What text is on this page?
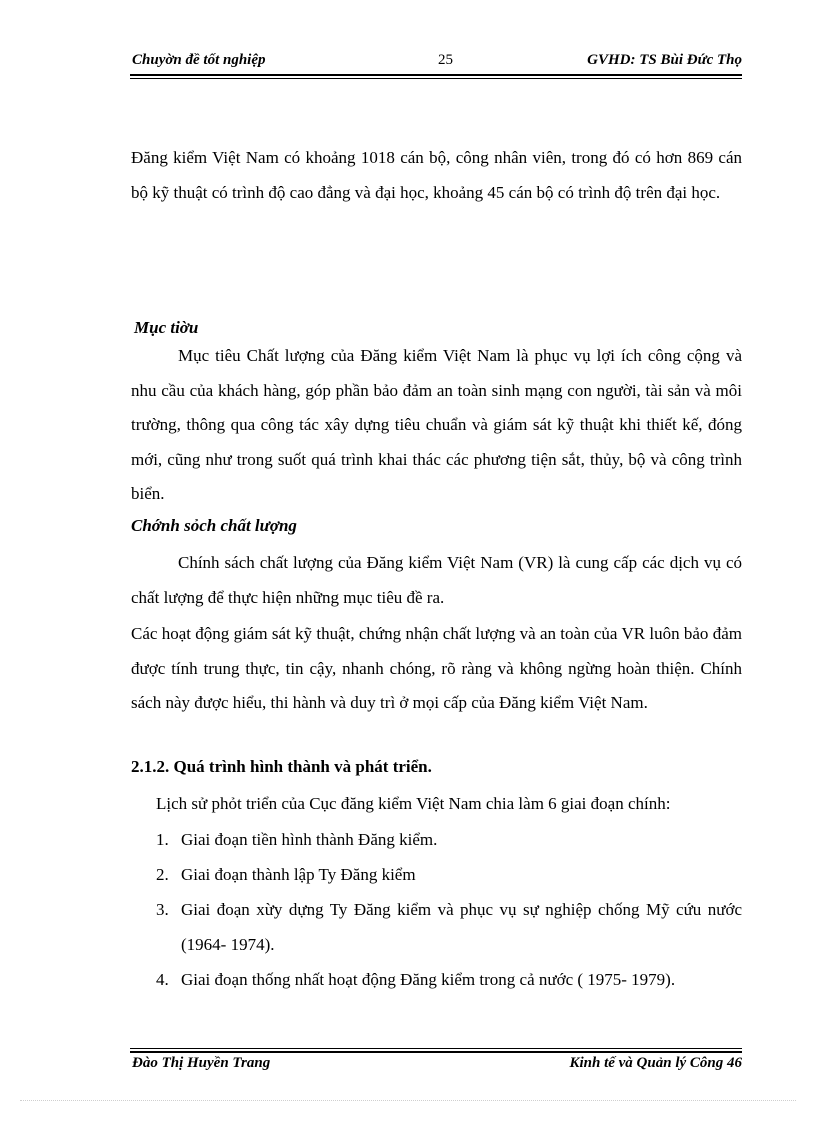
Chuyờn đề tốt nghiệp	25	GVHD: TS Bùi Đức Thọ
Đăng kiểm Việt Nam có khoảng 1018 cán bộ, công nhân viên, trong đó có hơn 869 cán bộ kỹ thuật có trình độ cao đẳng và đại học, khoảng 45 cán bộ có trình độ trên đại học.
Mục tiờu
Mục tiêu Chất lượng của Đăng kiểm Việt Nam là phục vụ lợi ích công cộng và nhu cầu của khách hàng, góp phần bảo đảm an toàn sinh mạng con người, tài sản và môi trường, thông qua công tác xây dựng tiêu chuẩn và giám sát kỹ thuật khi thiết kế, đóng mới, cũng như trong suốt quá trình khai thác các phương tiện sắt, thủy, bộ và công trình biển.
Chớnh sỏch chất lượng
Chính sách chất lượng của Đăng kiểm Việt Nam (VR) là cung cấp các dịch vụ có chất lượng để thực hiện những mục tiêu đề ra.
Các hoạt động giám sát kỹ thuật, chứng nhận chất lượng và an toàn của VR luôn bảo đảm được tính trung thực, tin cậy, nhanh chóng, rõ ràng và không ngừng hoàn thiện. Chính sách này được hiểu, thi hành và duy trì ở mọi cấp của Đăng kiểm Việt Nam.
2.1.2. Quá trình hình thành và phát triển.
Lịch sử phỏt triển của Cục đăng kiểm Việt Nam chia làm 6 giai đoạn chính:
1. Giai đoạn tiền hình thành Đăng kiểm.
2. Giai đoạn thành lập Ty Đăng kiểm
3. Giai đoạn xừy dựng Ty Đăng kiểm và phục vụ sự nghiệp chống Mỹ cứu nước (1964- 1974).
4. Giai đoạn thống nhất hoạt động Đăng kiểm trong cả nước ( 1975- 1979).
Đào Thị Huyền Trang	Kinh tế và Quản lý Công 46
